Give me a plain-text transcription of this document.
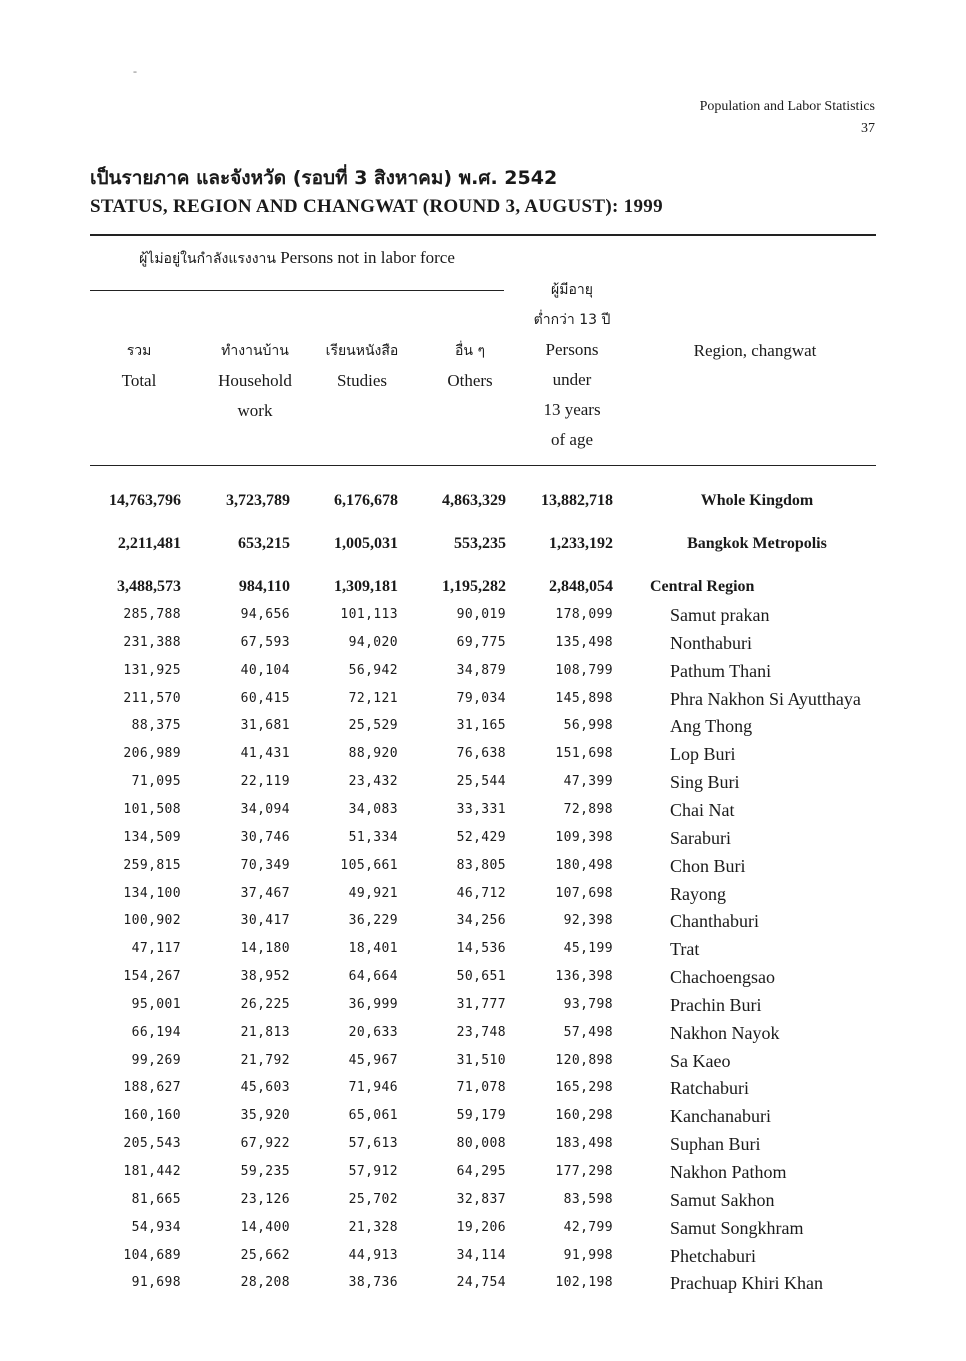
-
Population and Labor Statistics
37
เป็นรายภาค และจังหวัด (รอบที่ 3 สิงหาคม) พ.ศ. 2542
STATUS, REGION AND CHANGWAT (ROUND 3, AUGUST): 1999
ผู้ไม่อยู่ในกำลังแรงงาน Persons not in labor force
รวม
Total
ทำงานบ้าน
Household
work
เรียนหนังสือ
Studies
อื่น ๆ
Others
ผู้มีอายุ
ต่ำกว่า 13 ปี
Persons
under
13 years
of age
Region, changwat
14,763,796	3,723,789	6,176,678	4,863,329	13,882,718	Whole Kingdom
2,211,481	653,215	1,005,031	553,235	1,233,192	Bangkok Metropolis
3,488,573	984,110	1,309,181	1,195,282	2,848,054 Central Region
285,788	94,656	101,113	90,019	178,099	Samut prakan
231,388	67,593	94,020	69,775	135,498	Nonthaburi
131,925	40,104	56,942	34,879	108,799	Pathum Thani
211,570	60,415	72,121	79,034	145,898	Phra Nakhon Si Ayutthaya
88,375	31,681	25,529	31,165	56,998	Ang Thong
206,989	41,431	88,920	76,638	151,698	Lop Buri
71,095	22,119	23,432	25,544	47,399	Sing Buri
101,508	34,094	34,083	33,331	72,898	Chai Nat
134,509	30,746	51,334	52,429	109,398	Saraburi
259,815	70,349	105,661	83,805	180,498	Chon Buri
134,100	37,467	49,921	46,712	107,698	Rayong
100,902	30,417	36,229	34,256	92,398	Chanthaburi
47,117	14,180	18,401	14,536	45,199	Trat
154,267	38,952	64,664	50,651	136,398	Chachoengsao
95,001	26,225	36,999	31,777	93,798	Prachin Buri
66,194	21,813	20,633	23,748	57,498	Nakhon Nayok
99,269	21,792	45,967	31,510	120,898	Sa Kaeo
188,627	45,603	71,946	71,078	165,298	Ratchaburi
160,160	35,920	65,061	59,179	160,298	Kanchanaburi
205,543	67,922	57,613	80,008	183,498	Suphan Buri
181,442	59,235	57,912	64,295	177,298	Nakhon Pathom
81,665	23,126	25,702	32,837	83,598	Samut Sakhon
54,934	14,400	21,328	19,206	42,799	Samut Songkhram
104,689	25,662	44,913	34,114	91,998	Phetchaburi
91,698	28,208	38,736	24,754	102,198	Prachuap Khiri Khan
